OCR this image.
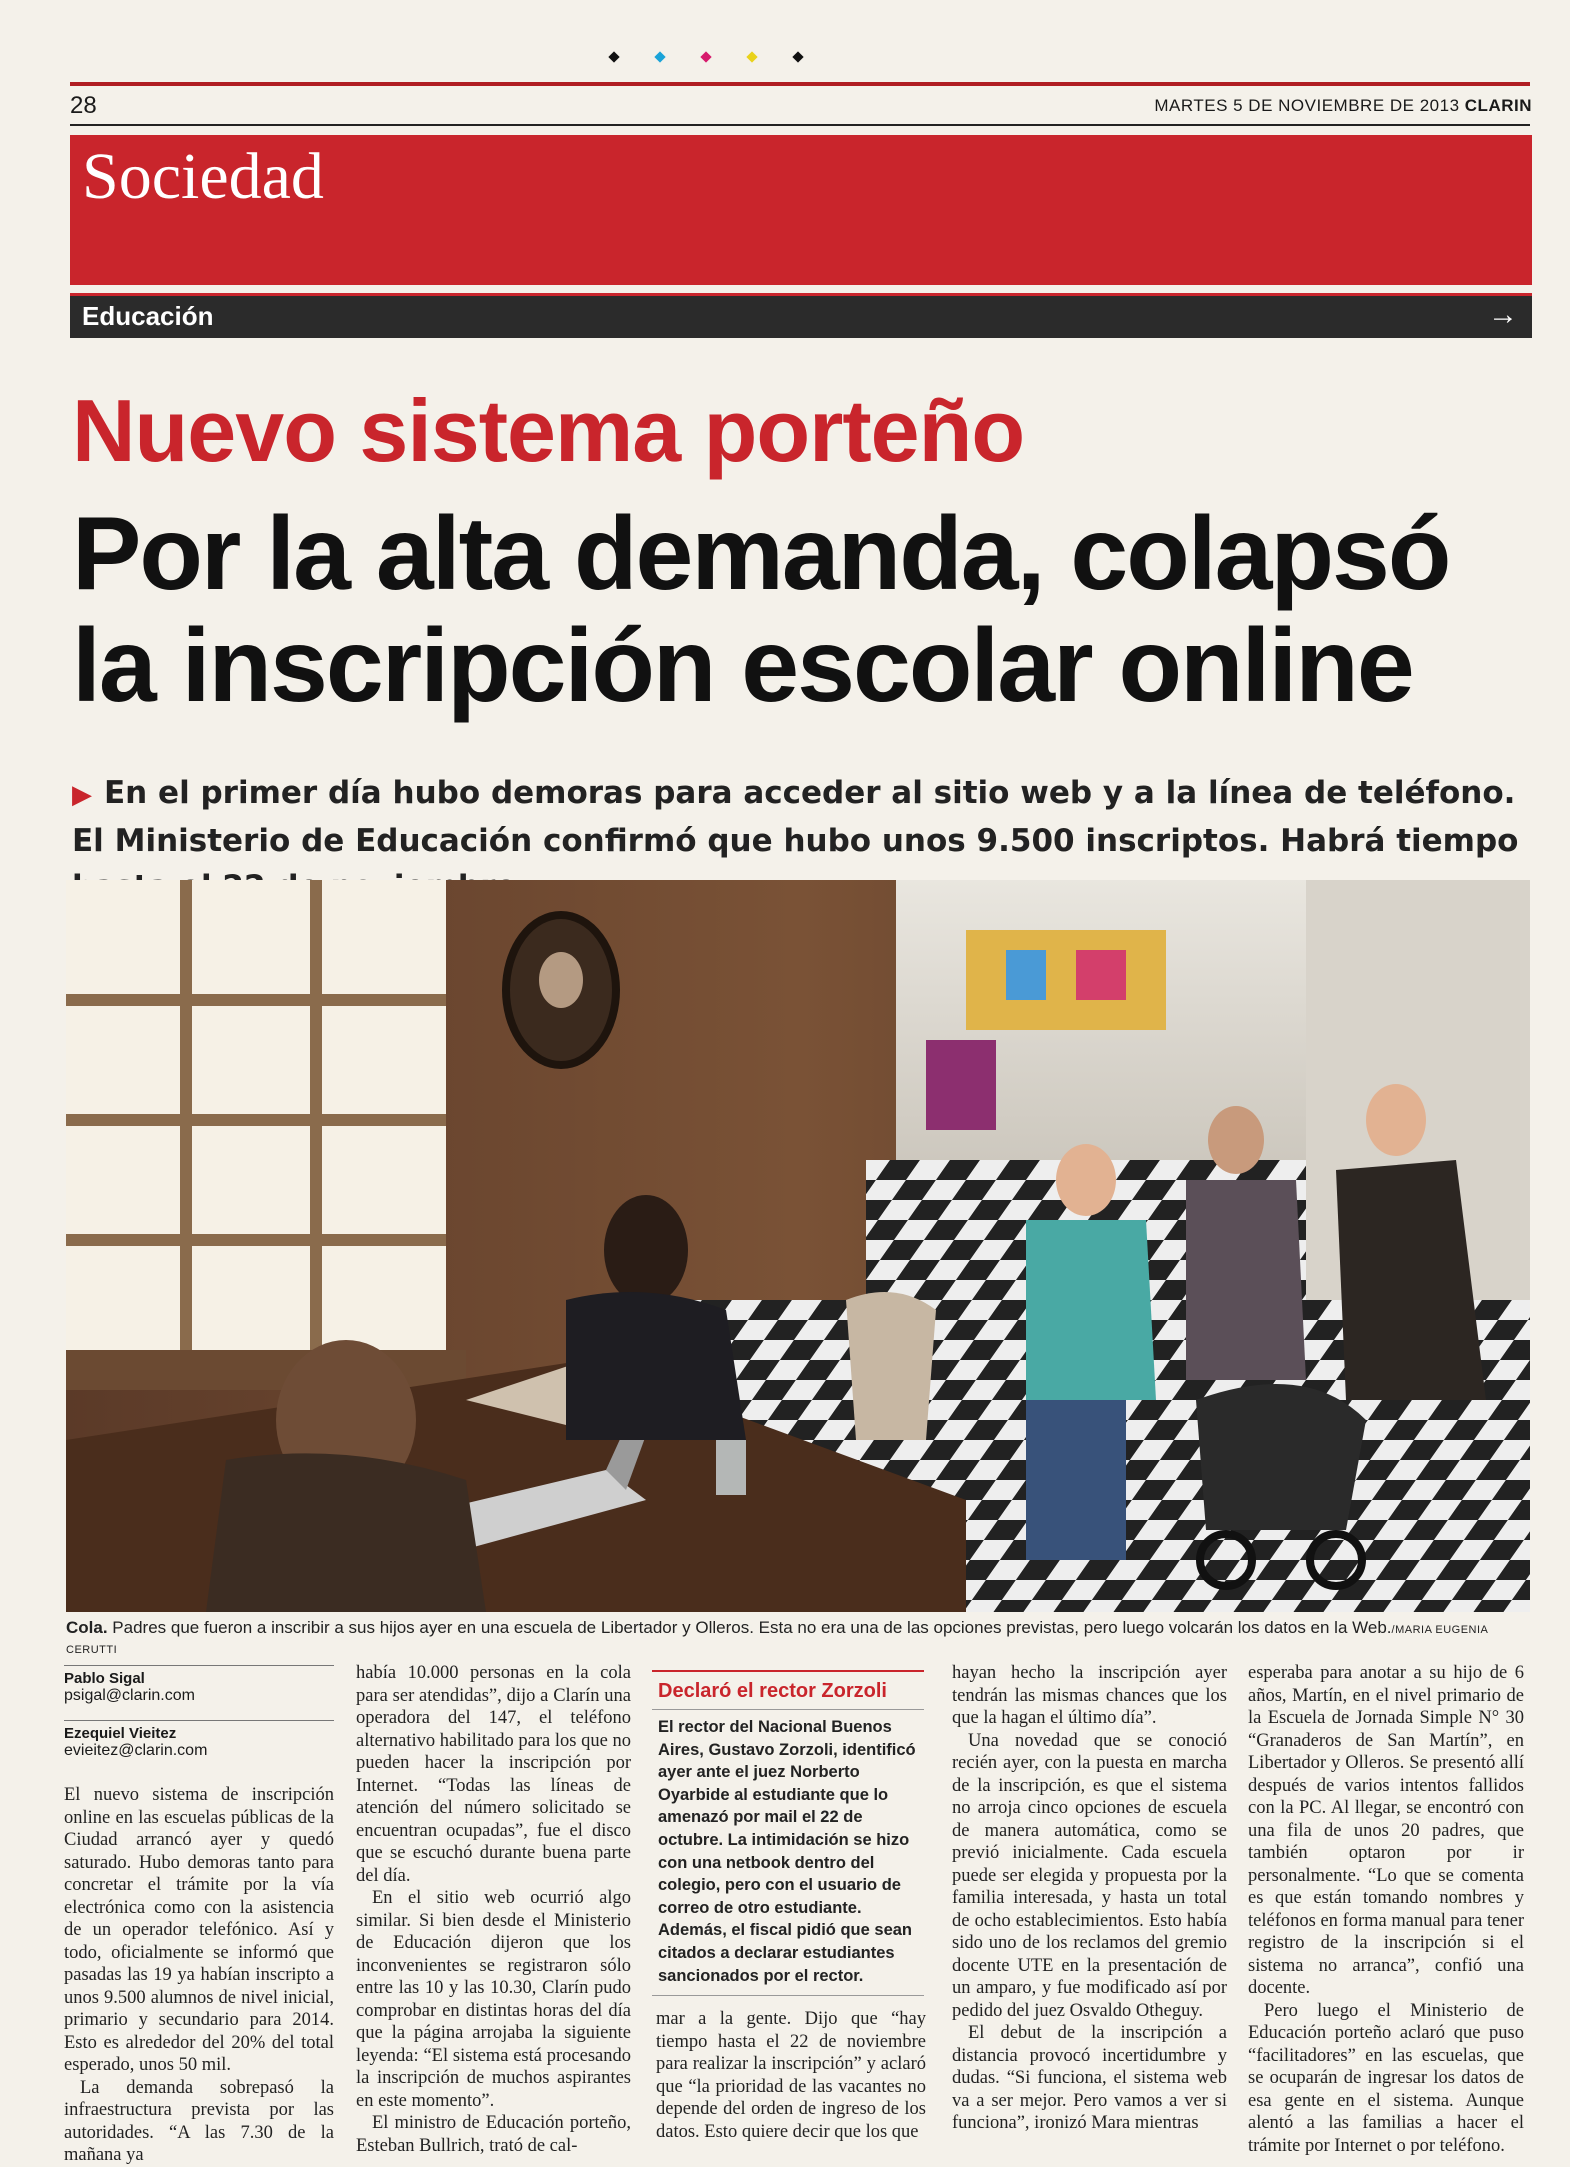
28	MARTES 5 DE NOVIEMBRE DE 2013 CLARIN
Sociedad
Educación	→
Nuevo sistema porteño
Por la alta demanda, colapsó la inscripción escolar online
▶ En el primer día hubo demoras para acceder al sitio web y a la línea de teléfono. El Ministerio de Educación confirmó que hubo unos 9.500 inscriptos. Habrá tiempo
Cola. Padres que fueron a inscribir a sus hijos ayer en una escuela de Libertador y Olleros. Esta no era una de las opciones previstas, pero luego volcarán los datos en la Web./MARIA EUGENIA CERUTTI
Pablo Sigal
psigal@clarin.com
Ezequiel Vieitez
evieitez@clarin.com

El nuevo sistema de inscripción online en las escuelas públicas de la Ciudad arrancó ayer y quedó saturado. Hubo demoras tanto para concretar el trámite por la vía electrónica como con la asistencia de un operador telefónico. Así y todo, oficialmente se informó que pasadas las 19 ya habían inscripto a unos 9.500 alumnos de nivel inicial, primario y secundario para 2014. Esto es alrededor del 20% del total esperado, unos 50 mil.

La demanda sobrepasó la infraestructura prevista por las autoridades. “A las 7.30 de la mañana ya

había 10.000 personas en la cola para ser atendidas”, dijo a Clarín una operadora del 147, el teléfono alternativo habilitado para los que no pueden hacer la inscripción por Internet. “Todas las líneas de atención del número solicitado se encuentran ocupadas”, fue el disco que se escuchó durante buena parte del día.

En el sitio web ocurrió algo similar. Si bien desde el Ministerio de Educación dijeron que los inconvenientes se registraron sólo entre las 10 y las 10.30, Clarín pudo comprobar en distintas horas del día que la página arrojaba la siguiente leyenda: “El sistema está procesando la inscripción de muchos aspirantes en este momento”.

El ministro de Educación porteño, Esteban Bullrich, trató de cal-

Declaró el rector Zorzoli
El rector del Nacional Buenos Aires, Gustavo Zorzoli, identificó ayer ante el juez Norberto Oyarbide al estudiante que lo amenazó por mail el 22 de octubre. La intimidación se hizo con una netbook dentro del colegio, pero con el usuario de correo de otro estudiante. Además, el fiscal pidió que sean citados a declarar estudiantes sancionados por el rector.

mar a la gente. Dijo que “hay tiempo hasta el 22 de noviembre para realizar la inscripción” y aclaró que “la prioridad de las vacantes no depende del orden de ingreso de los datos. Esto quiere decir que los que

hayan hecho la inscripción ayer tendrán las mismas chances que los que la hagan el último día”.

Una novedad que se conoció recién ayer, con la puesta en marcha de la inscripción, es que el sistema no arroja cinco opciones de escuela de manera automática, como se previó inicialmente. Cada escuela puede ser elegida y propuesta por la familia interesada, y hasta un total de ocho establecimientos. Esto había sido uno de los reclamos del gremio docente UTE en la presentación de un amparo, y fue modificado así por pedido del juez Osvaldo Otheguy.

El debut de la inscripción a distancia provocó incertidumbre y dudas. “Si funciona, el sistema web va a ser mejor. Pero vamos a ver si funciona”, ironizó Mara mientras

esperaba para anotar a su hijo de 6 años, Martín, en el nivel primario de la Escuela de Jornada Simple N° 30 “Granaderos de San Martín”, en Libertador y Olleros. Se presentó allí después de varios intentos fallidos con la PC. Al llegar, se encontró con una fila de unos 20 padres, que también optaron por ir personalmente. “Lo que se comenta es que están tomando nombres y teléfonos en forma manual para tener registro de la inscripción si el sistema no arranca”, confió una docente.

Pero luego el Ministerio de Educación porteño aclaró que puso “facilitadores” en las escuelas, que se ocuparán de ingresar los datos de esa gente en el sistema. Aunque alentó a las familias a hacer el trámite por Internet o por teléfono.
